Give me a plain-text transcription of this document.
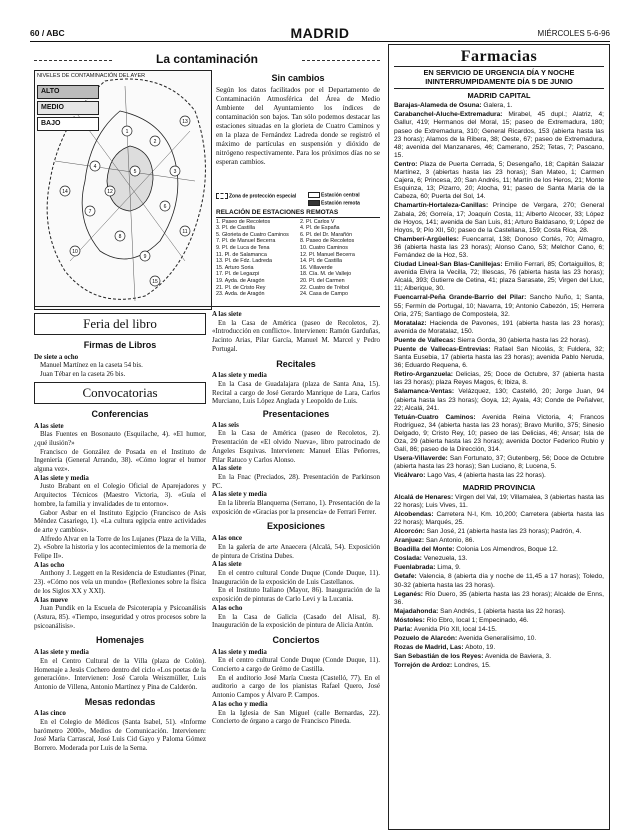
60 / ABC	MADRID	MIÉRCOLES 5-6-96
La contaminación
1
2
3
4
5
6
7
8
9
10
11
12
13
14
15
NIVELES DE CONTAMINACIÓN DEL AYER
ALTO
MEDIO
BAJO
Sin cambios

Según los datos facilitados por el Departamento de Contaminación Atmosférica del Área de Medio Ambiente del Ayuntamiento los índices de contaminación son bajos. Tan sólo podemos destacar las estaciones situadas en la glorieta de Cuatro Caminos y en la plaza de Fernández Ladreda donde se registró el máximo de partículas en suspensión y dióxido de nitrógeno respectivamente. Para los próximos días no se esperan cambios.

Zona de protección especial	Estación central
Estación remota
RELACIÓN DE ESTACIONES REMOTAS
1. Paseo de Recoletos	2. Pl. Carlos V
3. Pl. de Castilla	4. Pl. de España
5. Glorieta de Cuatro Caminos	6. Pl. del Dr. Marañón
7. Pl. de Manuel Becerra	8. Paseo de Recoletos
9. Pl. de Luca de Tena	10. Cuatro Caminos
11. Pl. de Salamanca	12. Pl. Manuel Becerra
13. Pl. de Fdz. Ladreda	14. Pl. de Castilla
15. Arturo Soria	16. Villaverde
17. Pl. de Legazpi	18. Cía. M. de Vallejo
19. Ayda. de Aragón	20. Pl. del Carmen
21. Pl. de Cristo Rey	22. Cuatro de Trébol
23. Avda. de Aragón	24. Casa de Campo
Feria del libro
Firmas de Libros

De siete a ocho

Manuel Martínez en la caseta 54 bis.

Juan Tébar en la caseta 26 bis.

Convocatorias
Conferencias

A las siete

Blas Fuentes en Bosonauto (Esquilache, 4). «El humor, ¿qué ilusión?»

Francisco de González de Posada en el Instituto de Ingeniería (General Arrando, 38). «Cómo lograr el humor alguna vez».

A las siete y media

Justo Brabant en el Colegio Oficial de Aparejadores y Arquitectos Técnicos (Maestro Victoria, 3). «Guía el hombre, la familia y invalidades de tu entorno».

Gabor Asbar en el Instituto Egipcio (Francisco de Asís Méndez Casariego, 1). «La cultura egipcia entre actividades de arte y cambios».

Alfredo Alvar en la Torre de los Lujanes (Plaza de la Villa, 2). «Sobre la historia y los acontecimientos de la memoria de Felipe II».

A las ocho

Anthony J. Leggett en la Residencia de Estudiantes (Pinar, 23). «Cómo nos veía un mundo» (Reflexiones sobre la física de los Siglos XX y XXI).

A las nueve

Juan Pundik en la Escuela de Psicoterapia y Psicoanálisis (Astura, 85). «Tiempo, inseguridad y otros procesos sobre la psicoanálisis».

Homenajes

A las siete y media

En el Centro Cultural de la Villa (plaza de Colón). Homenaje a Jesús Cochero dentro del ciclo «Los poetas de la generación». Intervienen: José Carola Weiszmüller, Luis Antonio de Villena, Antonio Martínez y Pina de Calderón.

Mesas redondas

A las cinco

En el Colegio de Médicos (Santa Isabel, 51). «Informe barómetro 2000», Medios de Comunicación. Intervienen: José María Carrascal, José Luis Cid Gayo y Paloma Gómez Borrero. Moderada por Luis de la Serna.

A las siete

En la Casa de América (paseo de Recoletos, 2). «Introducción en conflicto». Intervienen: Ramón Garduñas, Jacinto Arias, Pilar García, Manuel M. Marcel y Pedro Portugal.

Recitales

A las siete y media

En la Casa de Guadalajara (plaza de Santa Ana, 15). Recital a cargo de José Gerardo Manrique de Lara, Carlos Murciano, Luis López Anglada y Leopoldo de Luis.

Presentaciones

A las seis

En la Casa de América (paseo de Recoletos, 2). Presentación de «El olvido Nueva», libro patrocinado de Ángeles Esquivas. Intervienen: Manuel Elías Peñorres, Pilar Ratuco y Carlos Alonso.

A las siete

En la Fnac (Preciados, 28). Presentación de Parkinson PC.

A las siete y media

En la librería Blanquerna (Serrano, 1). Presentación de la exposición de «Gracias por la presencia» de Ferrari Ferrer.

Exposiciones

A las once

En la galería de arte Anaecera (Alcalá, 54). Exposición de pintura de Cristina Dubes.

A las siete

En el centro cultural Conde Duque (Conde Duque, 11). Inauguración de la exposición de Luis Castellanos.

En el Instituto Italiano (Mayor, 86). Inauguración de la exposición de pinturas de Carlo Levi y la Lucania.

A las ocho

En la Casa de Galicia (Casado del Alisal, 8). Inauguración de la exposición de pintura de Alicia Antón.

Conciertos

A las siete y media

En el centro cultural Conde Duque (Conde Duque, 11). Concierto a cargo de Grémo de Castilla.

En el auditorio José María Cuesta (Castelló, 77). En el auditorio a cargo de los pianistas Rafael Quero, José Antonio Campos y Álvaro P. Campos.

A las ocho y media

En la Iglesia de San Miguel (calle Bernardas, 22). Concierto de órgano a cargo de Francisco Pineda.

Farmacias
EN SERVICIO DE URGENCIA DÍA Y NOCHE ININTERRUMPIDAMENTE DÍA 5 DE JUNIO
MADRID CAPITAL

Barajas-Alameda de Osuna: Galera, 1.

Carabanchel-Aluche-Extremadura: Mirabel, 45 dupl.; Alatriz, 4; Gallur, 419; Hermanos del Moral, 15; paseo de Extremadura, 180; paseo de Extremadura, 310; General Ricardos, 153 (abierta hasta las 23 horas); Alamos de la Ribera, 38; Oeste, 67; paseo de Extremadura, 48; avenida del Manzanares, 46; Camerano, 252; Tetas, 7; Pascano, 15.

Centro: Plaza de Puerta Cerrada, 5; Desengaño, 18; Capitán Salazar Martínez, 3 (abiertas hasta las 23 horas); San Mateo, 1; Carmen Cajera, 6; Princesa, 20; San Andrés, 11; Martín de los Heros, 21; Monte Esquinza, 13; Pizarro, 20; Atocha, 91; paseo de Santa María de la Cabeza, 60; Puerta del Sol, 14.

Chamartín-Hortaleza-Canillas: Príncipe de Vergara, 270; General Zabala, 26; Gorreía, 17; Joaquín Costa, 11; Alberto Alcocer, 33; López de Hoyos, 141; avenida de San Luis, 81; Arturo Baldasano, 9; López de Hoyos, 9; Pío XII, 50; paseo de la Castellana, 159; Costa Rica, 28.

Chamberí-Argüelles: Fuencarral, 138; Donoso Cortés, 70; Almagro, 36 (abierta hasta las 23 horas); Alonso Cano, 53; Melchor Cano, 6; Fernández de la Hoz, 53.

Ciudad Lineal-San Blas-Canillejas: Emilio Ferrari, 85; Cortaiguillos, 8; avenida Elvira la Vecilla, 72; Illescas, 76 (abierta hasta las 23 horas); Alcalá, 393; Gutierre de Cetina, 41; plaza Sarasate, 25; Virgen del Lluc, 11; Alberique, 30.

Fuencarral-Peña Grande-Barrio del Pilar: Sancho Nuño, 1; Santa, 55; Fermín de Portugal, 10; Navarra, 19; Antonio Cabezón, 15; Herrera Oria, 275; Santiago de Compostela, 32.

Moratalaz: Hacienda de Pavones, 191 (abierta hasta las 23 horas); avenida de Moratalaz, 150.

Puente de Vallecas: Sierra Gorda, 30 (abierta hasta las 22 horas).

Puente de Vallecas-Entrevías: Rafael San Nicolás, 3; Fuldera, 32; Santa Eusebia, 17 (abierta hasta las 23 horas); avenida Pablo Neruda, 36; Eduardo Requena, 6.

Retiro-Arganzuela: Delicias, 25; Doce de Octubre, 37 (abierta hasta las 23 horas); plaza Reyes Magos, 6; Ibiza, 8.

Salamanca-Ventas: Velázquez, 130; Castelló, 20; Jorge Juan, 94 (abierta hasta las 23 horas); Goya, 12; Ayala, 43; Conde de Peñalver, 22; Alcalá, 241.

Tetuán-Cuatro Caminos: Avenida Reina Victoria, 4; Francos Rodríguez, 34 (abierta hasta las 23 horas); Bravo Murillo, 375; Sinesio Delgado, 9; Cristo Rey, 10; paseo de las Delicias, 46; Ansar; Isla de Oza, 29 (abierta hasta las 23 horas); avenida Doctor Federico Rubio y Galí, 86; paseo de la Dirección, 314.

Usera-Villaverde: San Fortunato, 37; Gutenberg, 56; Doce de Octubre (abierta hasta las 23 horas); San Luciano, 8; Lucena, 5.

Vicálvaro: Lago Vas, 4 (abierta hasta las 22 horas).

MADRID PROVINCIA

Alcalá de Henares: Virgen del Val, 19; Villamalea, 3 (abiertas hasta las 22 horas); Luis Vives, 11.

Alcobendas: Carretera N-I, Km. 10,200; Carretera (abierta hasta las 22 horas); Marqués, 25.

Alcorcón: San José, 21 (abierta hasta las 23 horas); Padrón, 4.

Aranjuez: San Antonio, 86.

Boadilla del Monte: Colonia Los Almendros, Boque 12.

Coslada: Venezuela, 13.

Fuenlabrada: Lima, 9.

Getafe: Valencia, 8 (abierta día y noche de 11,45 a 17 horas); Toledo, 30-32 (abierta hasta las 23 horas).

Leganés: Río Duero, 35 (abierta hasta las 23 horas); Alcalde de Enns, 36.

Majadahonda: San Andrés, 1 (abierta hasta las 22 horas).

Móstoles: Río Ebro, local 1; Empecinado, 46.

Parla: Avenida Pío XII, local 14-15.

Pozuelo de Alarcón: Avenida Generalísimo, 10.

Rozas de Madrid, Las: Aboto, 19.

San Sebastián de los Reyes: Avenida de Baviera, 3.

Torrejón de Ardoz: Londres, 15.
